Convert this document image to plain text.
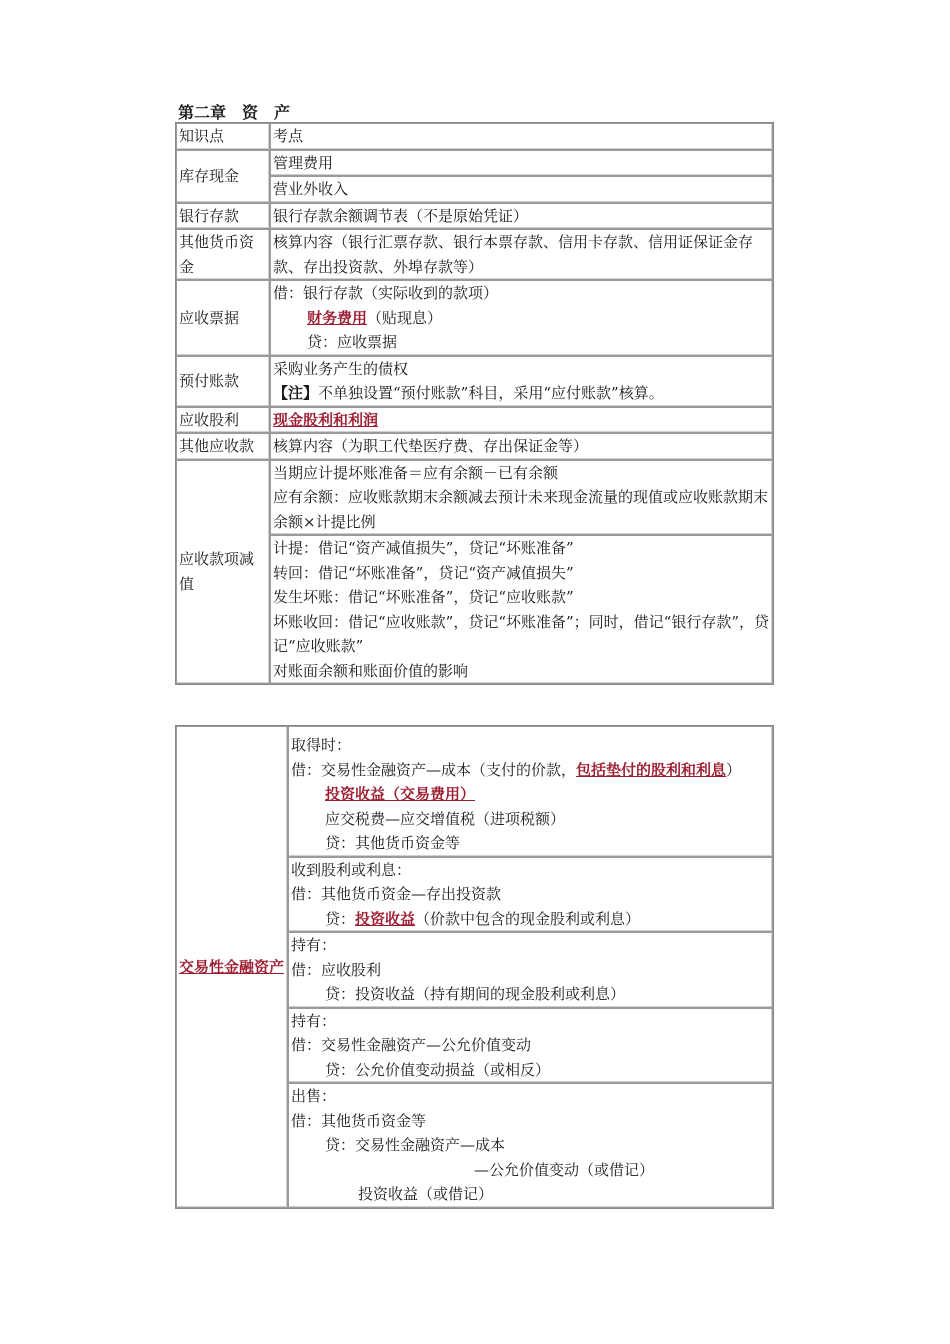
第二章　资　产
知识点	考点
库存现金	管理费用
	营业外收入
银行存款	银行存款余额调节表（不是原始凭证）
其他货币资金	核算内容（银行汇票存款、银行本票存款、信用卡存款、信用证保证金存款、存出投资款、外埠存款等）
应收票据	借：银行存款（实际收到的款项）
财务费用（贴现息）
贷：应收票据

预付账款	采购业务产生的债权
【注】不单独设置“预付账款”科目，采用“应付账款”核算。

应收股利	现金股利和利润
其他应收款	核算内容（为职工代垫医疗费、存出保证金等）
应收款项减值	当期应计提坏账准备＝应有余额－已有余额
应有余额：应收账款期末余额减去预计未来现金流量的现值或应收账款期末余额×计提比例

	计提：借记“资产减值损失”，贷记“坏账准备”
转回：借记“坏账准备”，贷记“资产减值损失”
发生坏账：借记“坏账准备”，贷记“应收账款”
坏账收回：借记“应收账款”，贷记“坏账准备”；同时，借记“银行存款”，贷记“应收账款”
对账面余额和账面价值的影响
交易性金融资产	
取得时：
借：交易性金融资产—成本（支付的价款，包括垫付的股利和利息）
投资收益（交易费用）
应交税费—应交增值税（进项税额）
贷：其他货币资金等

收到股利或利息：
借：其他货币资金—存出投资款
贷：投资收益（价款中包含的现金股利或利息）

持有：
借：应收股利
贷：投资收益（持有期间的现金股利或利息）

持有：
借：交易性金融资产—公允价值变动
贷：公允价值变动损益（或相反）

出售：
借：其他货币资金等
贷：交易性金融资产—成本
—公允价值变动（或借记）
投资收益（或借记）
